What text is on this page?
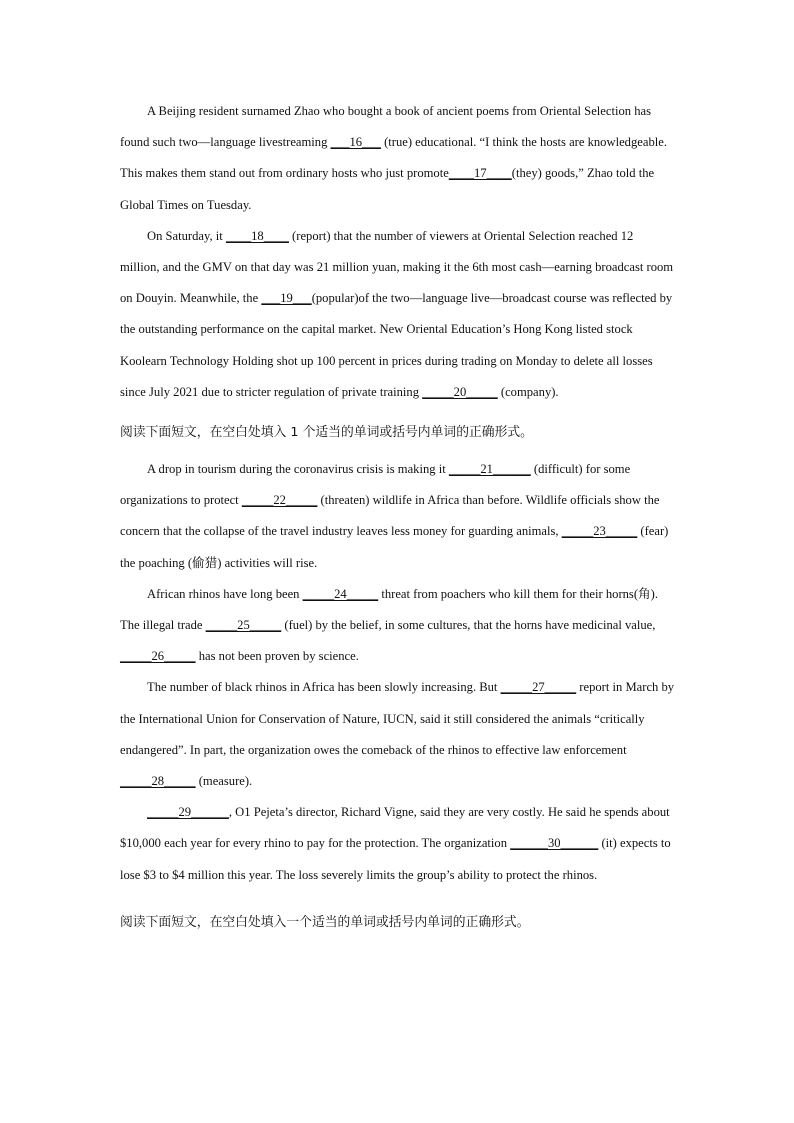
A Beijing resident surnamed Zhao who bought a book of ancient poems from Oriental Selection has found such two—language livestreaming ___16___ (true) educational. “I think the hosts are knowledgeable. This makes them stand out from ordinary hosts who just promote____17____(they) goods,” Zhao told the Global Times on Tuesday.

On Saturday, it ____18____ (report) that the number of viewers at Oriental Selection reached 12 million, and the GMV on that day was 21 million yuan, making it the 6th most cash—earning broadcast room on Douyin. Meanwhile, the ___19___(popular)of the two—language live—broadcast course was reflected by the outstanding performance on the capital market. New Oriental Education’s Hong Kong listed stock Koolearn Technology Holding shot up 100 percent in prices during trading on Monday to delete all losses since July 2021 due to stricter regulation of private training _____20_____ (company).

阅读下面短文，在空白处填入 1 个适当的单词或括号内单词的正确形式。

A drop in tourism during the coronavirus crisis is making it _____21______ (difficult) for some organizations to protect _____22_____ (threaten) wildlife in Africa than before. Wildlife officials show the concern that the collapse of the travel industry leaves less money for guarding animals, _____23_____ (fear) the poaching (偷猎) activities will rise.

African rhinos have long been _____24_____ threat from poachers who kill them for their horns(角). The illegal trade _____25_____ (fuel) by the belief, in some cultures, that the horns have medicinal value, _____26_____ has not been proven by science.

The number of black rhinos in Africa has been slowly increasing. But _____27_____ report in March by the International Union for Conservation of Nature, IUCN, said it still considered the animals “critically endangered”. In part, the organization owes the comeback of the rhinos to effective law enforcement _____28_____ (measure).

_____29______, O1 Pejeta’s director, Richard Vigne, said they are very costly. He said he spends about $10,000 each year for every rhino to pay for the protection. The organization ______30______ (it) expects to lose $3 to $4 million this year. The loss severely limits the group’s ability to protect the rhinos.

阅读下面短文，在空白处填入一个适当的单词或括号内单词的正确形式。
